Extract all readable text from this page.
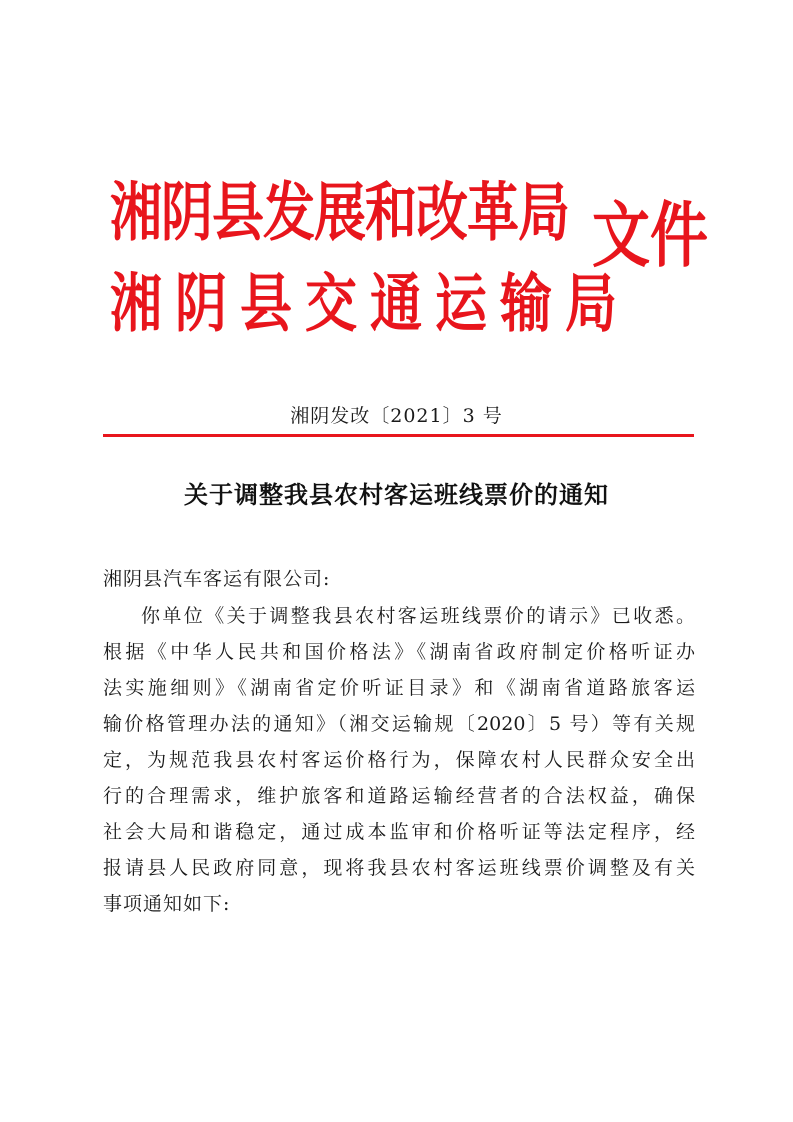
湘阴县发展和改革局
湘阴县交通运输局
文件

湘阴发改〔2021〕3 号

关于调整我县农村客运班线票价的通知

湘阴县汽车客运有限公司:

你单位《关于调整我县农村客运班线票价的请示》已收悉。
根据《中华人民共和国价格法》《湖南省政府制定价格听证办
法实施细则》《湖南省定价听证目录》和《湖南省道路旅客运
输价格管理办法的通知》（湘交运输规〔2020〕5 号）等有关规
定，为规范我县农村客运价格行为，保障农村人民群众安全出
行的合理需求，维护旅客和道路运输经营者的合法权益，确保
社会大局和谐稳定，通过成本监审和价格听证等法定程序，经
报请县人民政府同意，现将我县农村客运班线票价调整及有关
事项通知如下:
